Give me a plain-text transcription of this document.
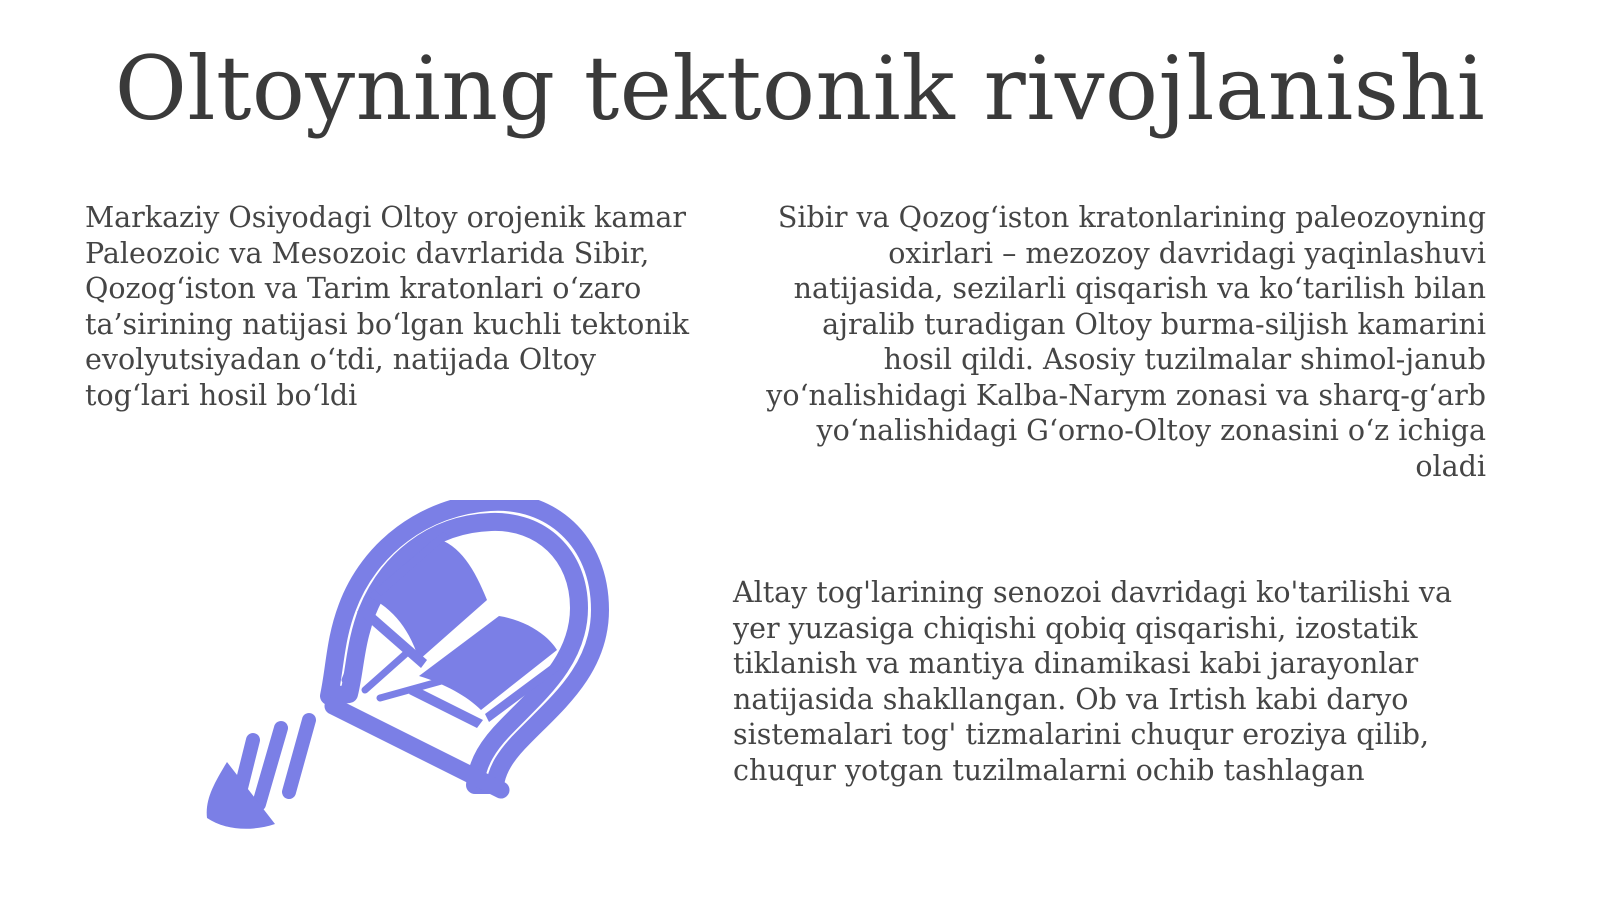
Oltoyning tektonik rivojlanishi
Markaziy Osiyodagi Oltoy orojenik kamar Paleozoic va Mesozoic davrlarida Sibir, Qozog‘iston va Tarim kratonlari o‘zaro ta’sirining natijasi bo‘lgan kuchli tektonik evolyutsiyadan o‘tdi, natijada Oltoy tog‘lari hosil bo‘ldi
Sibir va Qozog‘iston kratonlarining paleozoyning oxirlari – mezozoy davridagi yaqinlashuvi natijasida, sezilarli qisqarish va ko‘tarilish bilan ajralib turadigan Oltoy burma-siljish kamarini hosil qildi. Asosiy tuzilmalar shimol-janub yo‘nalishidagi Kalba-Narym zonasi va sharq-g‘arb yo‘nalishidagi G‘orno-Oltoy zonasini o‘z ichiga oladi
Altay tog'larining senozoi davridagi ko'tarilishi va yer yuzasiga chiqishi qobiq qisqarishi, izostatik tiklanish va mantiya dinamikasi kabi jarayonlar natijasida shakllangan. Ob va Irtish kabi daryo sistemalari tog' tizmalarini chuqur eroziya qilib, chuqur yotgan tuzilmalarni ochib tashlagan
